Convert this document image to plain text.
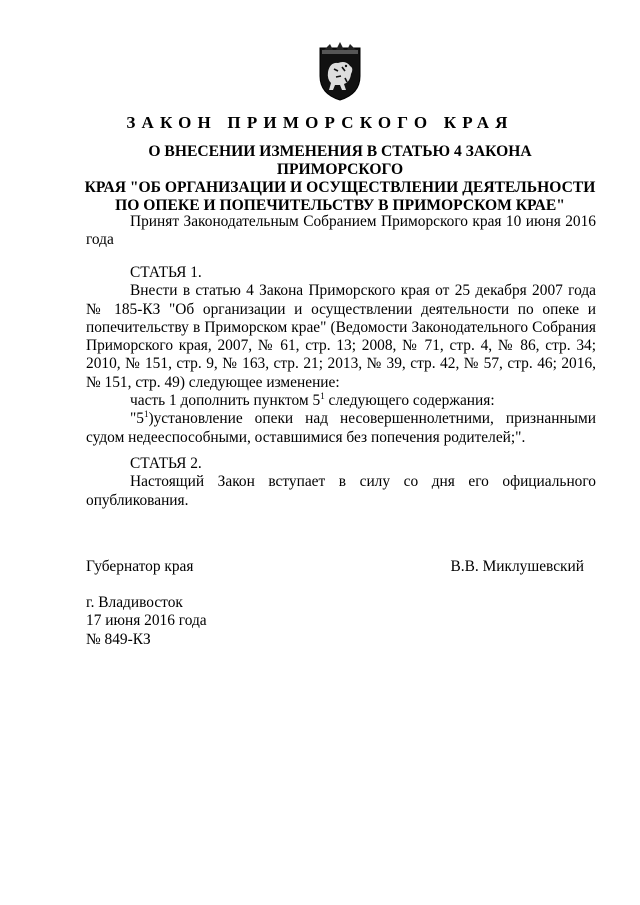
ЗАКОН ПРИМОРСКОГО КРАЯ
О ВНЕСЕНИИ ИЗМЕНЕНИЯ В СТАТЬЮ 4 ЗАКОНА ПРИМОРСКОГО
КРАЯ "ОБ ОРГАНИЗАЦИИ И ОСУЩЕСТВЛЕНИИ ДЕЯТЕЛЬНОСТИ
ПО ОПЕКЕ И ПОПЕЧИТЕЛЬСТВУ В ПРИМОРСКОМ КРАЕ"

Принят Законодательным Собранием Приморского края 10 июня 2016 года

СТАТЬЯ 1.
Внести в статью 4 Закона Приморского края от 25 декабря 2007 года № 185-КЗ "Об организации и осуществлении деятельности по опеке и попечительству в Приморском крае" (Ведомости Законодательного Собрания Приморского края, 2007, № 61, стр. 13; 2008, № 71, стр. 4, № 86, стр. 34; 2010, № 151, стр. 9, № 163, стр. 21; 2013, № 39, стр. 42, № 57, стр. 46; 2016, № 151, стр. 49) следующее изменение:
часть 1 дополнить пунктом $5^1$ следующего содержания:
"$5^1)установление$ опеки над несовершеннолетними, признанными судом недееспособными, оставшимися без попечения родителей;".
СТАТЬЯ 2.
Настоящий Закон вступает в силу со дня его официального опубликования.
Губернатор края	В.В. Миклушевский
г. Владивосток
17 июня 2016 года
№ 849-КЗ
